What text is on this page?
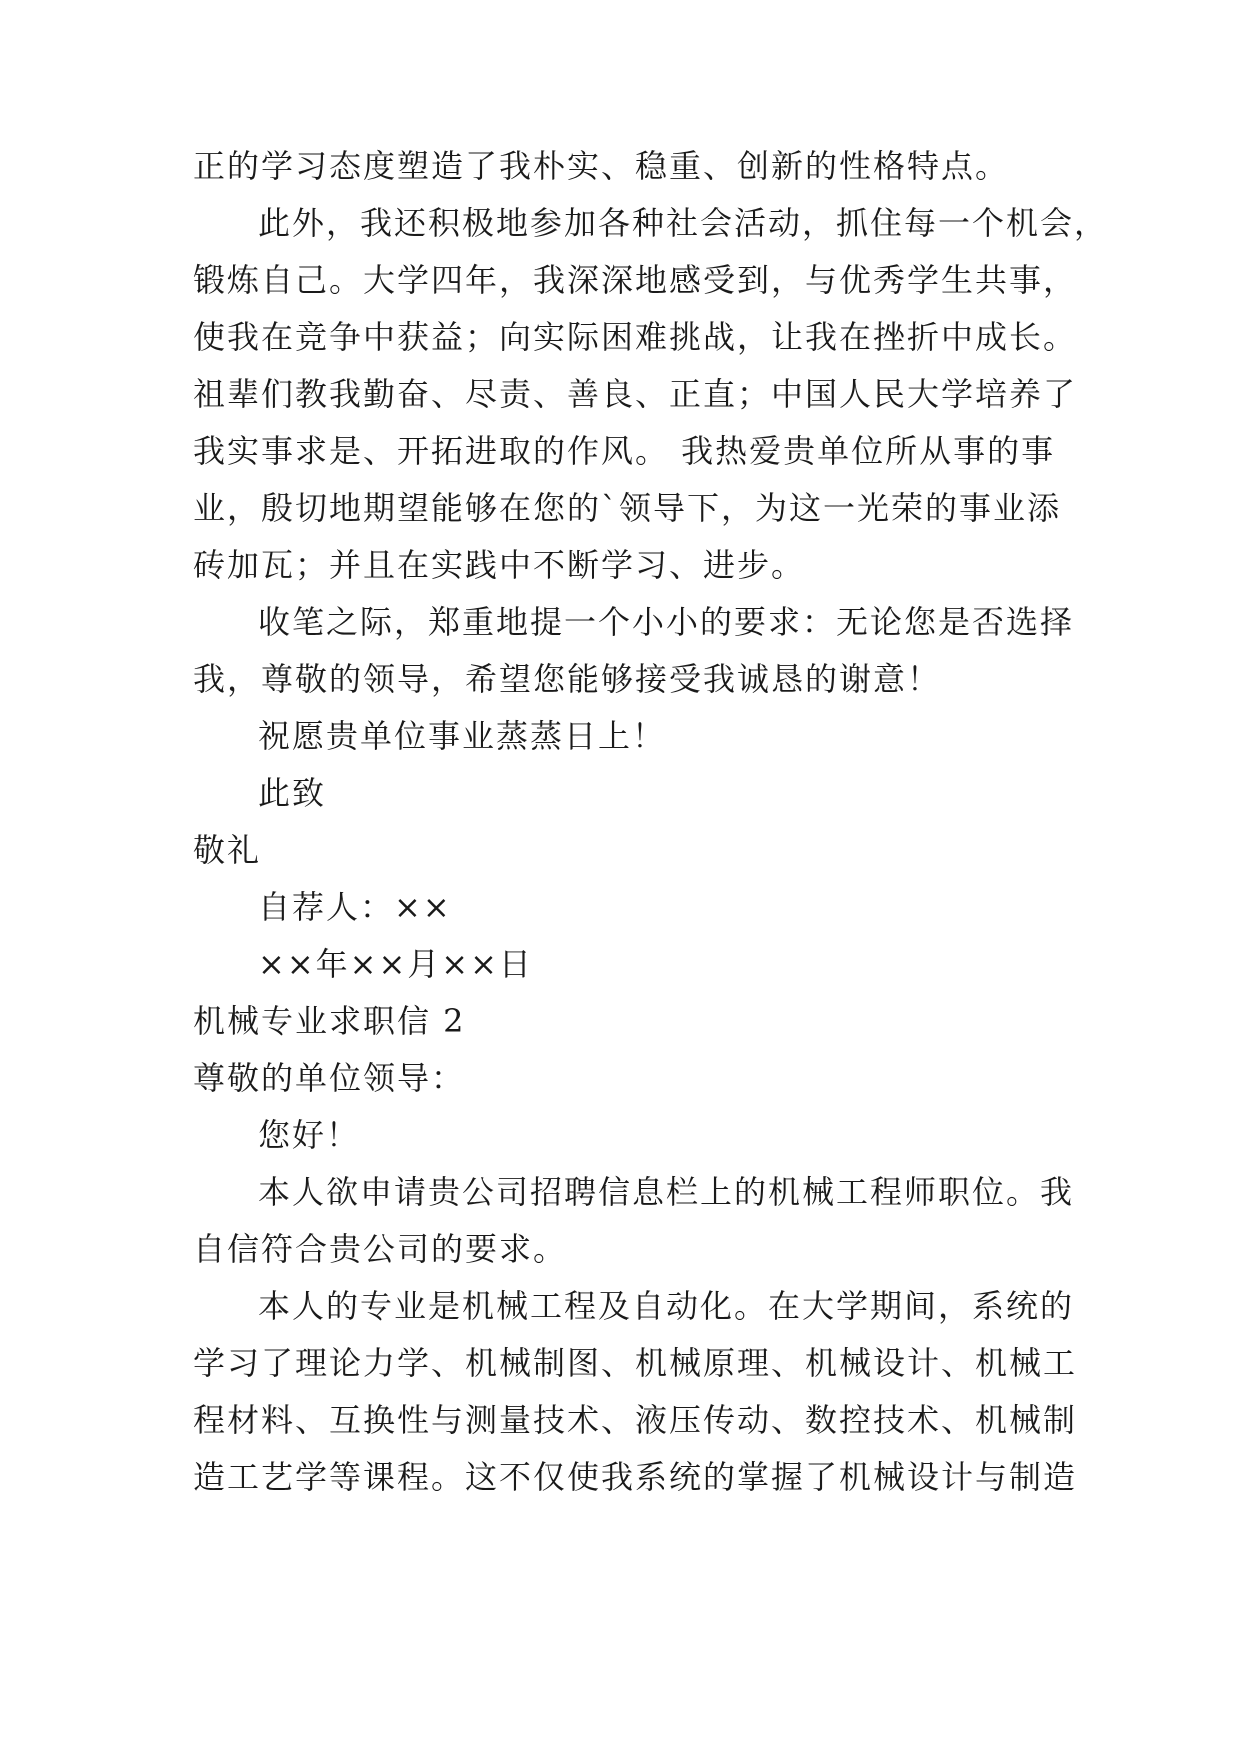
正的学习态度塑造了我朴实、稳重、创新的性格特点。
此外，我还积极地参加各种社会活动，抓住每一个机会，
锻炼自己。大学四年，我深深地感受到，与优秀学生共事，
使我在竞争中获益；向实际困难挑战，让我在挫折中成长。
祖辈们教我勤奋、尽责、善良、正直；中国人民大学培养了
我实事求是、开拓进取的作风。 我热爱贵单位所从事的事
业，殷切地期望能够在您的`领导下，为这一光荣的事业添
砖加瓦；并且在实践中不断学习、进步。
收笔之际，郑重地提一个小小的要求：无论您是否选择
我，尊敬的领导，希望您能够接受我诚恳的谢意！
祝愿贵单位事业蒸蒸日上！
此致
敬礼
自荐人：××
××年××月××日
机械专业求职信 2
尊敬的单位领导：
您好！
本人欲申请贵公司招聘信息栏上的机械工程师职位。我
自信符合贵公司的要求。
本人的专业是机械工程及自动化。在大学期间，系统的
学习了理论力学、机械制图、机械原理、机械设计、机械工
程材料、互换性与测量技术、液压传动、数控技术、机械制
造工艺学等课程。这不仅使我系统的掌握了机械设计与制造
